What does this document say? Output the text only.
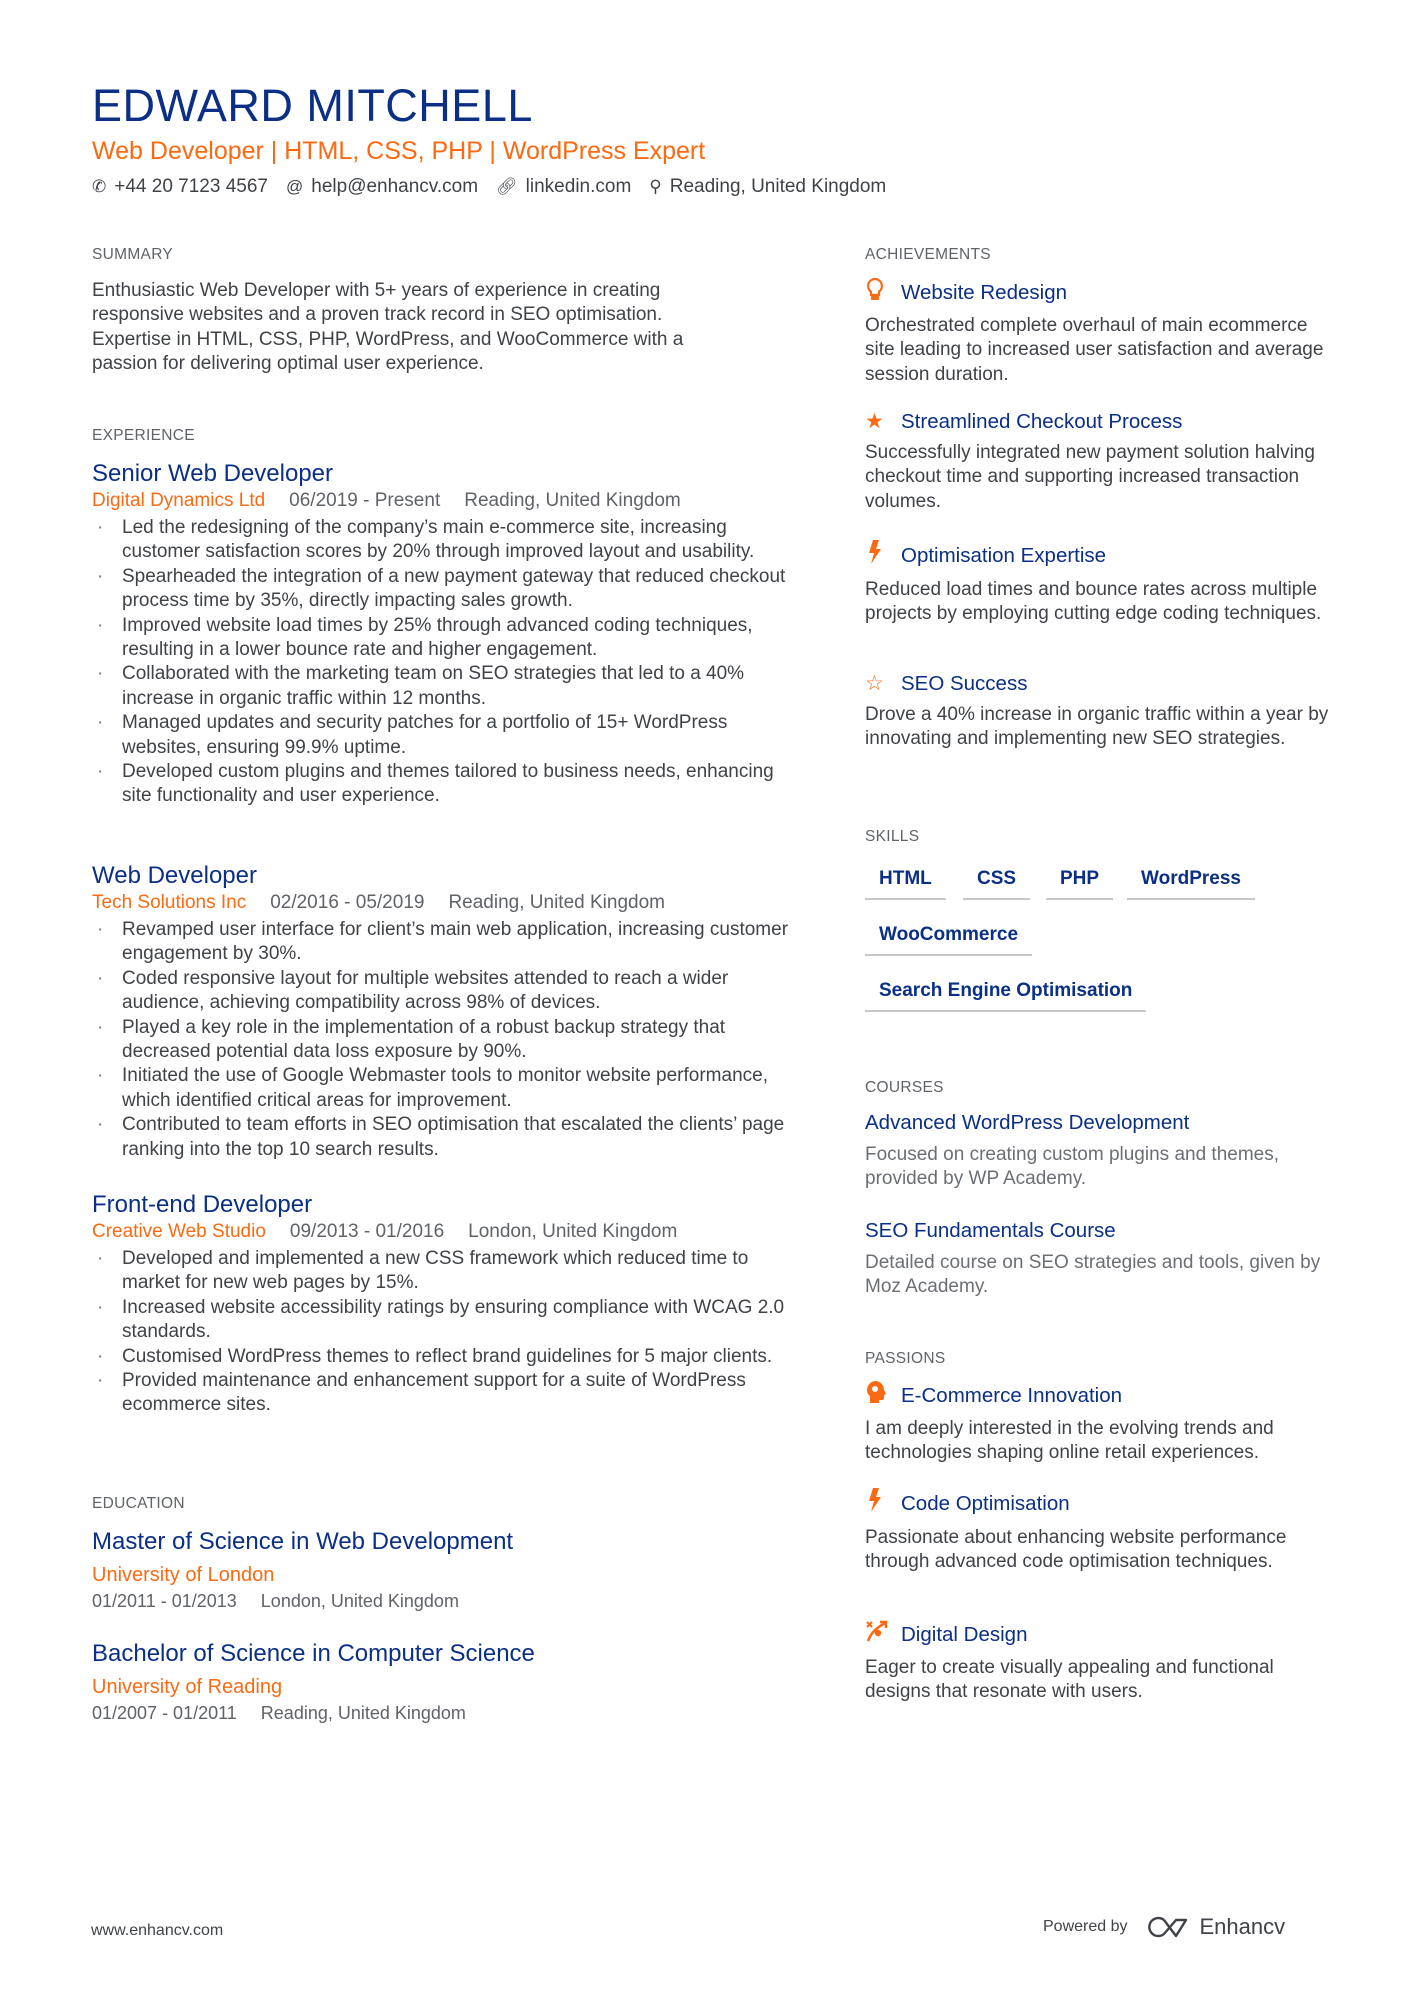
EDWARD MITCHELL
Web Developer | HTML, CSS, PHP | WordPress Expert
✆ +44 20 7123 4567 @ help@enhancv.com 🔗︎ linkedin.com ⚲ Reading, United Kingdom
SUMMARY
Enthusiastic Web Developer with 5+ years of experience in creating responsive websites and a proven track record in SEO optimisation. Expertise in HTML, CSS, PHP, WordPress, and WooCommerce with a passion for delivering optimal user experience.
EXPERIENCE
Senior Web Developer
Digital Dynamics Ltd 06/2019 - Present Reading, United Kingdom
· Led the redesigning of the company’s main e-commerce site, increasing customer satisfaction scores by 20% through improved layout and usability.
· Spearheaded the integration of a new payment gateway that reduced checkout process time by 35%, directly impacting sales growth.
· Improved website load times by 25% through advanced coding techniques, resulting in a lower bounce rate and higher engagement.
· Collaborated with the marketing team on SEO strategies that led to a 40% increase in organic traffic within 12 months.
· Managed updates and security patches for a portfolio of 15+ WordPress websites, ensuring 99.9% uptime.
· Developed custom plugins and themes tailored to business needs, enhancing site functionality and user experience.
Web Developer
Tech Solutions Inc 02/2016 - 05/2019 Reading, United Kingdom
· Revamped user interface for client’s main web application, increasing customer engagement by 30%.
· Coded responsive layout for multiple websites attended to reach a wider audience, achieving compatibility across 98% of devices.
· Played a key role in the implementation of a robust backup strategy that decreased potential data loss exposure by 90%.
· Initiated the use of Google Webmaster tools to monitor website performance, which identified critical areas for improvement.
· Contributed to team efforts in SEO optimisation that escalated the clients’ page ranking into the top 10 search results.
Front-end Developer
Creative Web Studio 09/2013 - 01/2016 London, United Kingdom
· Developed and implemented a new CSS framework which reduced time to market for new web pages by 15%.
· Increased website accessibility ratings by ensuring compliance with WCAG 2.0 standards.
· Customised WordPress themes to reflect brand guidelines for 5 major clients.
· Provided maintenance and enhancement support for a suite of WordPress ecommerce sites.
EDUCATION
Master of Science in Web Development
University of London
01/2011 - 01/2013 London, United Kingdom
Bachelor of Science in Computer Science
University of Reading
01/2007 - 01/2011 Reading, United Kingdom
ACHIEVEMENTS
Website Redesign
Orchestrated complete overhaul of main ecommerce site leading to increased user satisfaction and average session duration.
★ Streamlined Checkout Process
Successfully integrated new payment solution halving checkout time and supporting increased transaction volumes.
Optimisation Expertise
Reduced load times and bounce rates across multiple projects by employing cutting edge coding techniques.
☆ SEO Success
Drove a 40% increase in organic traffic within a year by innovating and implementing new SEO strategies.
SKILLS
HTML	CSS	PHP	WordPress
WooCommerce
Search Engine Optimisation
COURSES
Advanced WordPress Development
Focused on creating custom plugins and themes, provided by WP Academy.
SEO Fundamentals Course
Detailed course on SEO strategies and tools, given by Moz Academy.
PASSIONS
E-Commerce Innovation
I am deeply interested in the evolving trends and technologies shaping online retail experiences.
Code Optimisation
Passionate about enhancing website performance through advanced code optimisation techniques.
Digital Design
Eager to create visually appealing and functional designs that resonate with users.
www.enhancv.com	Powered by	Enhancv
